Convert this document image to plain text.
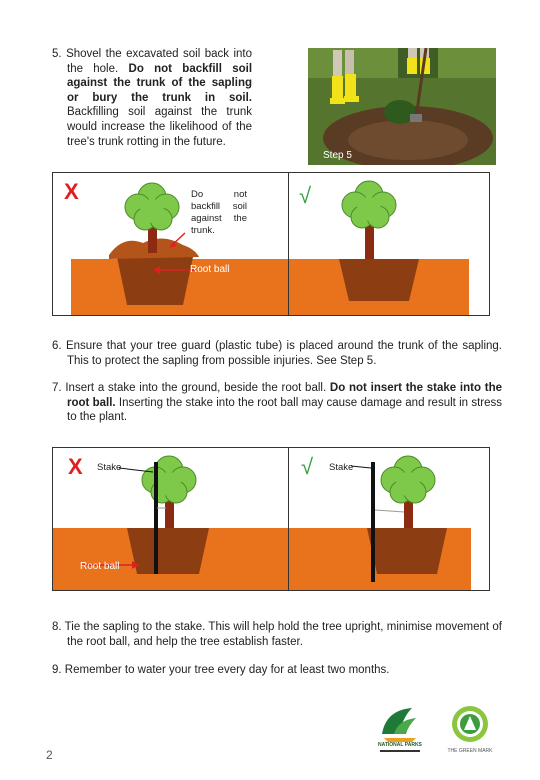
5. Shovel the excavated soil back into the hole. Do not backfill soil against the trunk of the sapling or bury the trunk in soil. Backfilling soil against the trunk would increase the likelihood of the tree's trunk rotting in the future.
Step 5
X	Do not backfill soil against the trunk.
√
Root ball
6. Ensure that your tree guard (plastic tube) is placed around the trunk of the sapling. This to protect the sapling from possible injuries. See Step 5.
7. Insert a stake into the ground, beside the root ball. Do not insert the stake into the root ball. Inserting the stake into the root ball may cause damage and result in stress to the plant.
X Stake
Root ball
√ Stake
8. Tie the sapling to the stake. This will help hold the tree upright, minimise movement of the root ball, and help the tree establish faster.
9. Remember to water your tree every day for at least two months.
2
NATIONAL PARKS
THE GREEN MARK
